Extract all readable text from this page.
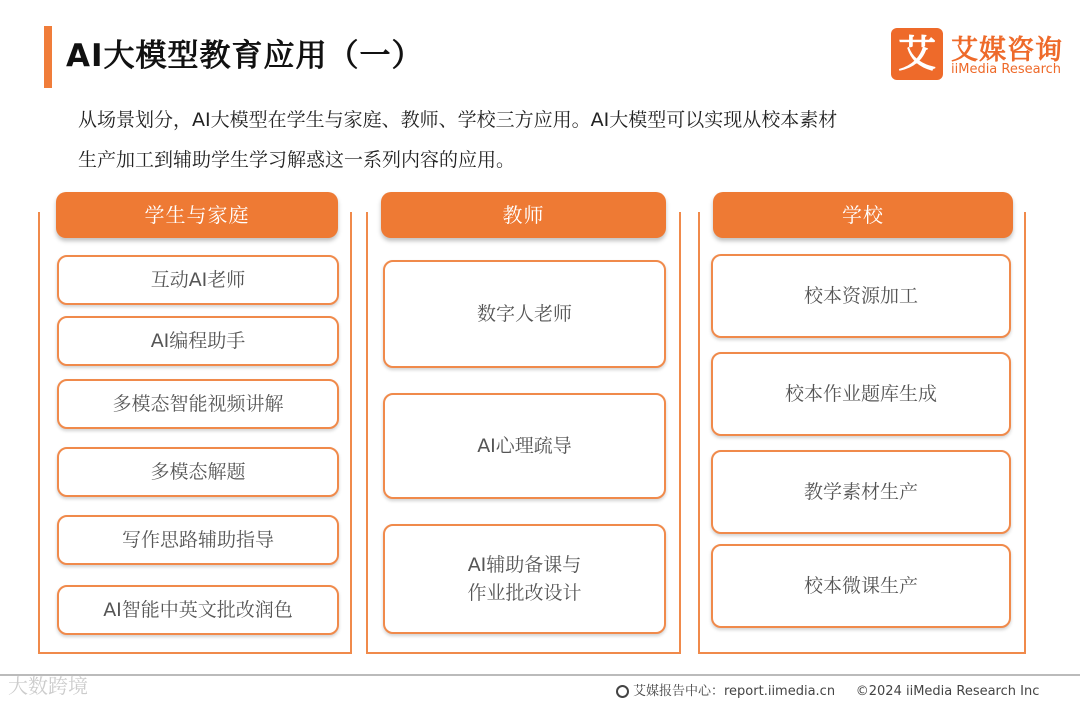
AI大模型教育应用（一）	艾 艾媒咨询
iiMedia Research
从场景划分，AI大模型在学生与家庭、教师、学校三方应用。AI大模型可以实现从校本素材
生产加工到辅助学生学习解惑这一系列内容的应用。
学生与家庭
互动AI老师
AI编程助手
多模态智能视频讲解
多模态解题
写作思路辅助指导
AI智能中英文批改润色
教师
数字人老师
AI心理疏导
AI辅助备课与
作业批改设计
学校
校本资源加工
校本作业题库生成
教学素材生产
校本微课生产
大数跨境	艾媒报告中心：report.iimedia.cn ©2024 iiMedia Research Inc
